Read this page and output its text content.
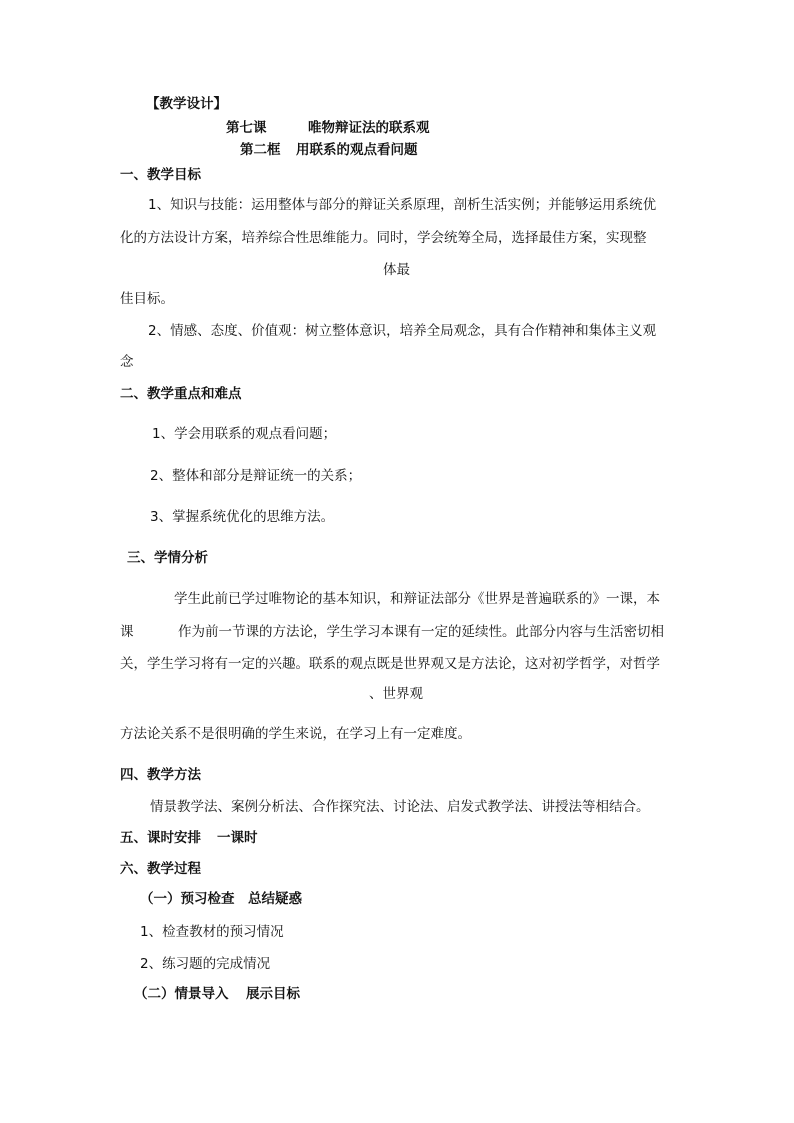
【教学设计】
第七课	唯物辩证法的联系观
第二框 用联系的观点看问题
一、教学目标
1、知识与技能：运用整体与部分的辩证关系原理，剖析生活实例；并能够运用系统优
化的方法设计方案，培养综合性思维能力。同时，学会统筹全局，选择最佳方案，实现整
体最
佳目标。
2、情感、态度、价值观：树立整体意识，培养全局观念，具有合作精神和集体主义观
念
二、教学重点和难点
1、学会用联系的观点看问题；
2、整体和部分是辩证统一的关系；
3、掌握系统优化的思维方法。
三、学情分析
学生此前已学过唯物论的基本知识，和辩证法部分《世界是普遍联系的》一课，本
课	作为前一节课的方法论，学生学习本课有一定的延续性。此部分内容与生活密切相
关，学生学习将有一定的兴趣。联系的观点既是世界观又是方法论，这对初学哲学，对哲学
、世界观
方法论关系不是很明确的学生来说，在学习上有一定难度。
四、教学方法
情景教学法、案例分析法、合作探究法、讨论法、启发式教学法、讲授法等相结合。
五、课时安排 一课时
六、教学过程
（一）预习检查 总结疑惑
1、检查教材的预习情况
2、练习题的完成情况
（二）情景导入 展示目标
